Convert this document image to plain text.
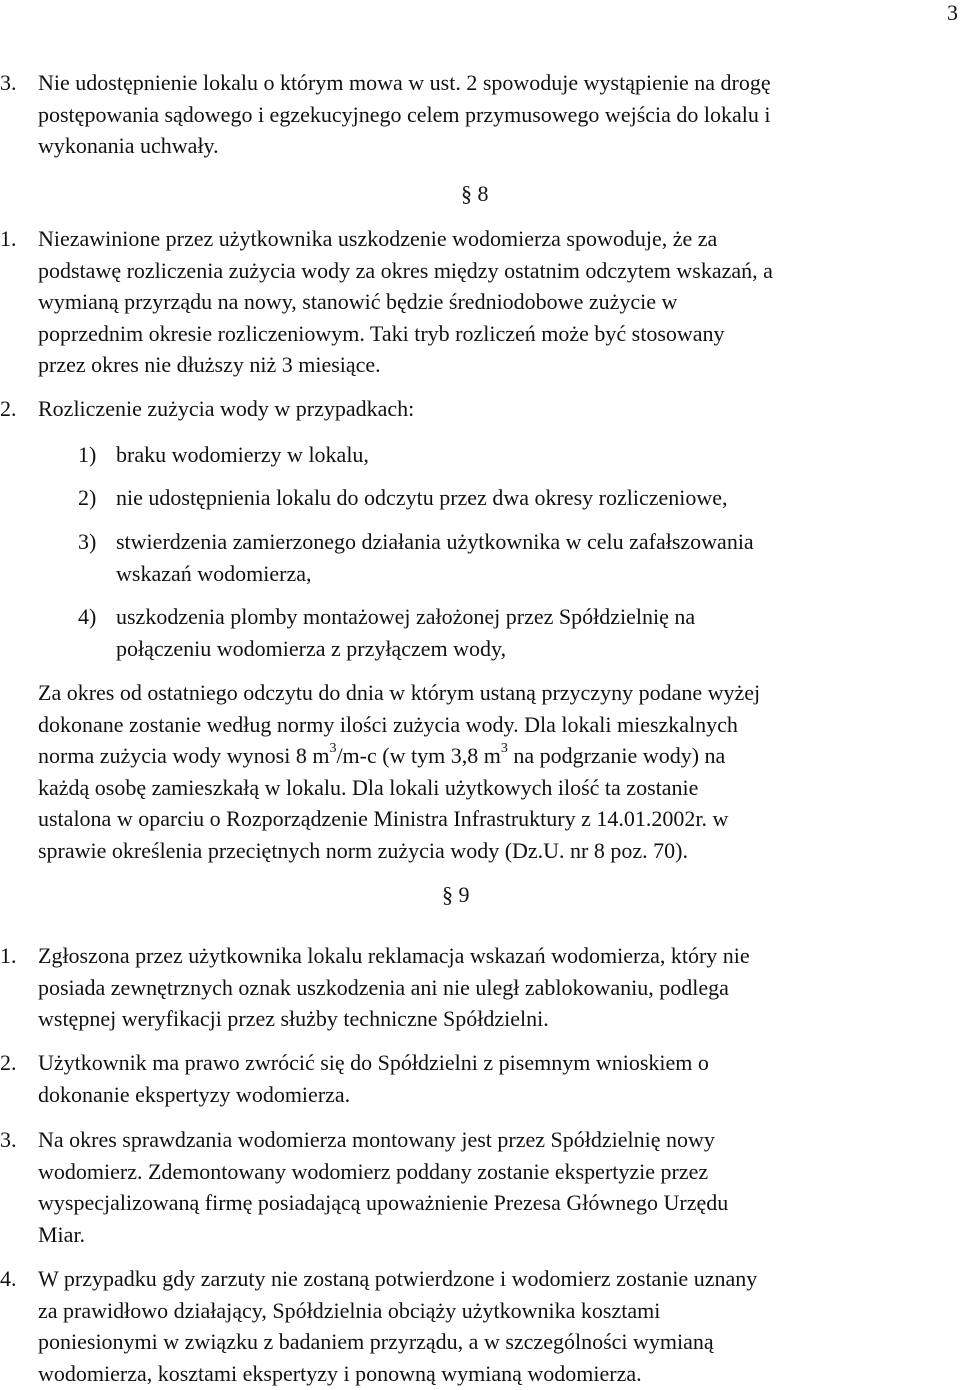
3
3. Nie udostępnienie lokalu o którym mowa w ust. 2 spowoduje wystąpienie na drogę
postępowania sądowego i egzekucyjnego celem przymusowego wejścia do lokalu i
wykonania uchwały.
§ 8
1. Niezawinione przez użytkownika uszkodzenie wodomierza spowoduje, że za
podstawę rozliczenia zużycia wody za okres między ostatnim odczytem wskazań, a
wymianą przyrządu na nowy, stanowić będzie średniodobowe zużycie w
poprzednim okresie rozliczeniowym. Taki tryb rozliczeń może być stosowany
przez okres nie dłuższy niż 3 miesiące.
2. Rozliczenie zużycia wody w przypadkach:
1) braku wodomierzy w lokalu,
2) nie udostępnienia lokalu do odczytu przez dwa okresy rozliczeniowe,
3) stwierdzenia zamierzonego działania użytkownika w celu zafałszowania
wskazań wodomierza,
4) uszkodzenia plomby montażowej założonej przez Spółdzielnię na
połączeniu wodomierza z przyłączem wody,
Za okres od ostatniego odczytu do dnia w którym ustaną przyczyny podane wyżej
dokonane zostanie według normy ilości zużycia wody. Dla lokali mieszkalnych
norma zużycia wody wynosi 8 $m^3/m-c$ (w tym 3,8 $m^3$ na podgrzanie wody) na
każdą osobę zamieszkałą w lokalu. Dla lokali użytkowych ilość ta zostanie
ustalona w oparciu o Rozporządzenie Ministra Infrastruktury z 14.01.2002r. w
sprawie określenia przeciętnych norm zużycia wody (Dz.U. nr 8 poz. 70).
§ 9
1. Zgłoszona przez użytkownika lokalu reklamacja wskazań wodomierza, który nie
posiada zewnętrznych oznak uszkodzenia ani nie uległ zablokowaniu, podlega
wstępnej weryfikacji przez służby techniczne Spółdzielni.
2. Użytkownik ma prawo zwrócić się do Spółdzielni z pisemnym wnioskiem o
dokonanie ekspertyzy wodomierza.
3. Na okres sprawdzania wodomierza montowany jest przez Spółdzielnię nowy
wodomierz. Zdemontowany wodomierz poddany zostanie ekspertyzie przez
wyspecjalizowaną firmę posiadającą upoważnienie Prezesa Głównego Urzędu
Miar.
4. W przypadku gdy zarzuty nie zostaną potwierdzone i wodomierz zostanie uznany
za prawidłowo działający, Spółdzielnia obciąży użytkownika kosztami
poniesionymi w związku z badaniem przyrządu, a w szczególności wymianą
wodomierza, kosztami ekspertyzy i ponowną wymianą wodomierza.
